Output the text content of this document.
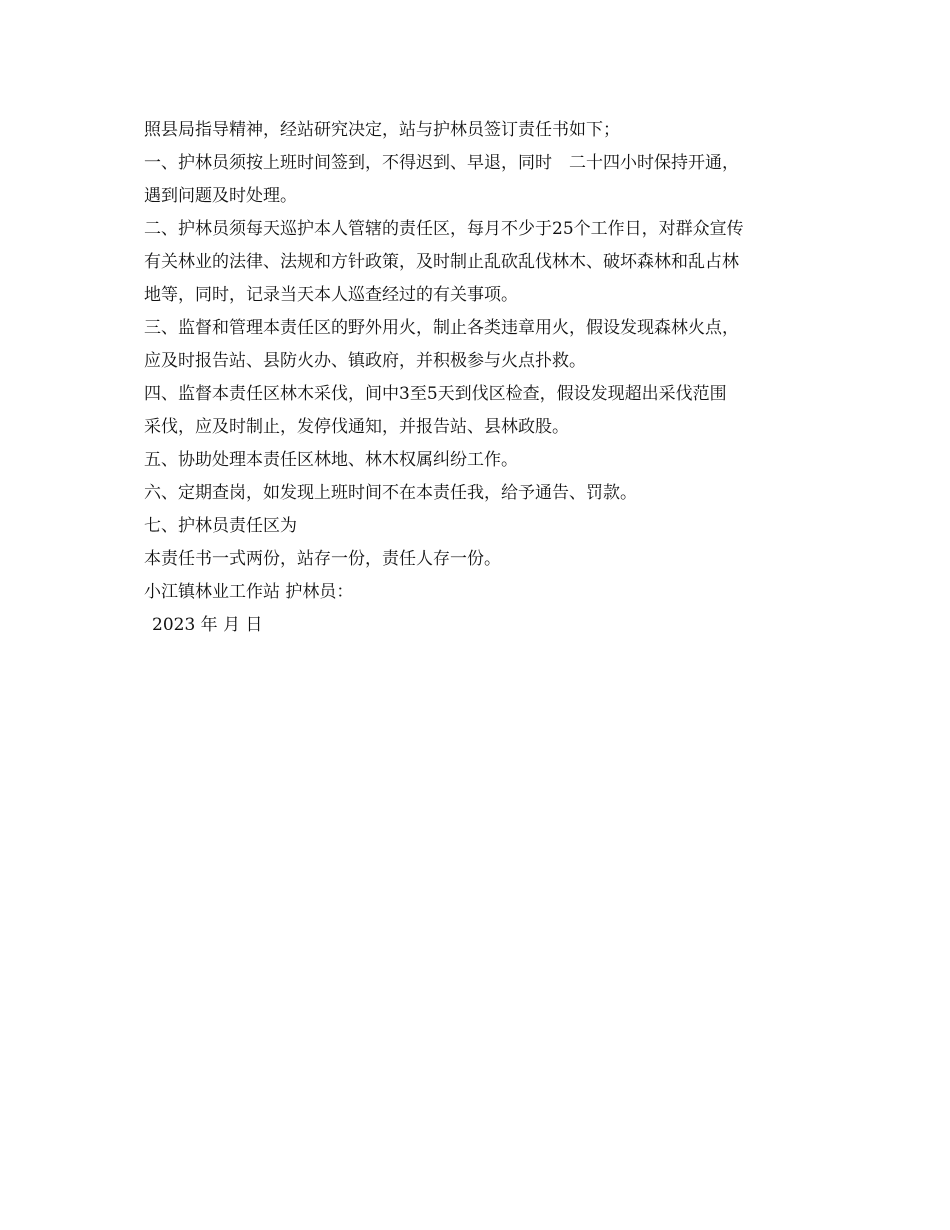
照县局指导精神，经站研究决定，站与护林员签订责任书如下；
一、护林员须按上班时间签到，不得迟到、早退，同时　二十四小时保持开通，
遇到问题及时处理。
二、护林员须每天巡护本人管辖的责任区，每月不少于25个工作日，对群众宣传
有关林业的法律、法规和方针政策，及时制止乱砍乱伐林木、破坏森林和乱占林
地等，同时，记录当天本人巡查经过的有关事项。
三、监督和管理本责任区的野外用火，制止各类违章用火，假设发现森林火点，
应及时报告站、县防火办、镇政府，并积极参与火点扑救。
四、监督本责任区林木采伐，间中3至5天到伐区检查，假设发现超出采伐范围
采伐，应及时制止，发停伐通知，并报告站、县林政股。
五、协助处理本责任区林地、林木权属纠纷工作。
六、定期查岗，如发现上班时间不在本责任我，给予通告、罚款。
七、护林员责任区为
本责任书一式两份，站存一份，责任人存一份。
小江镇林业工作站 护林员：
2023 年 月 日
